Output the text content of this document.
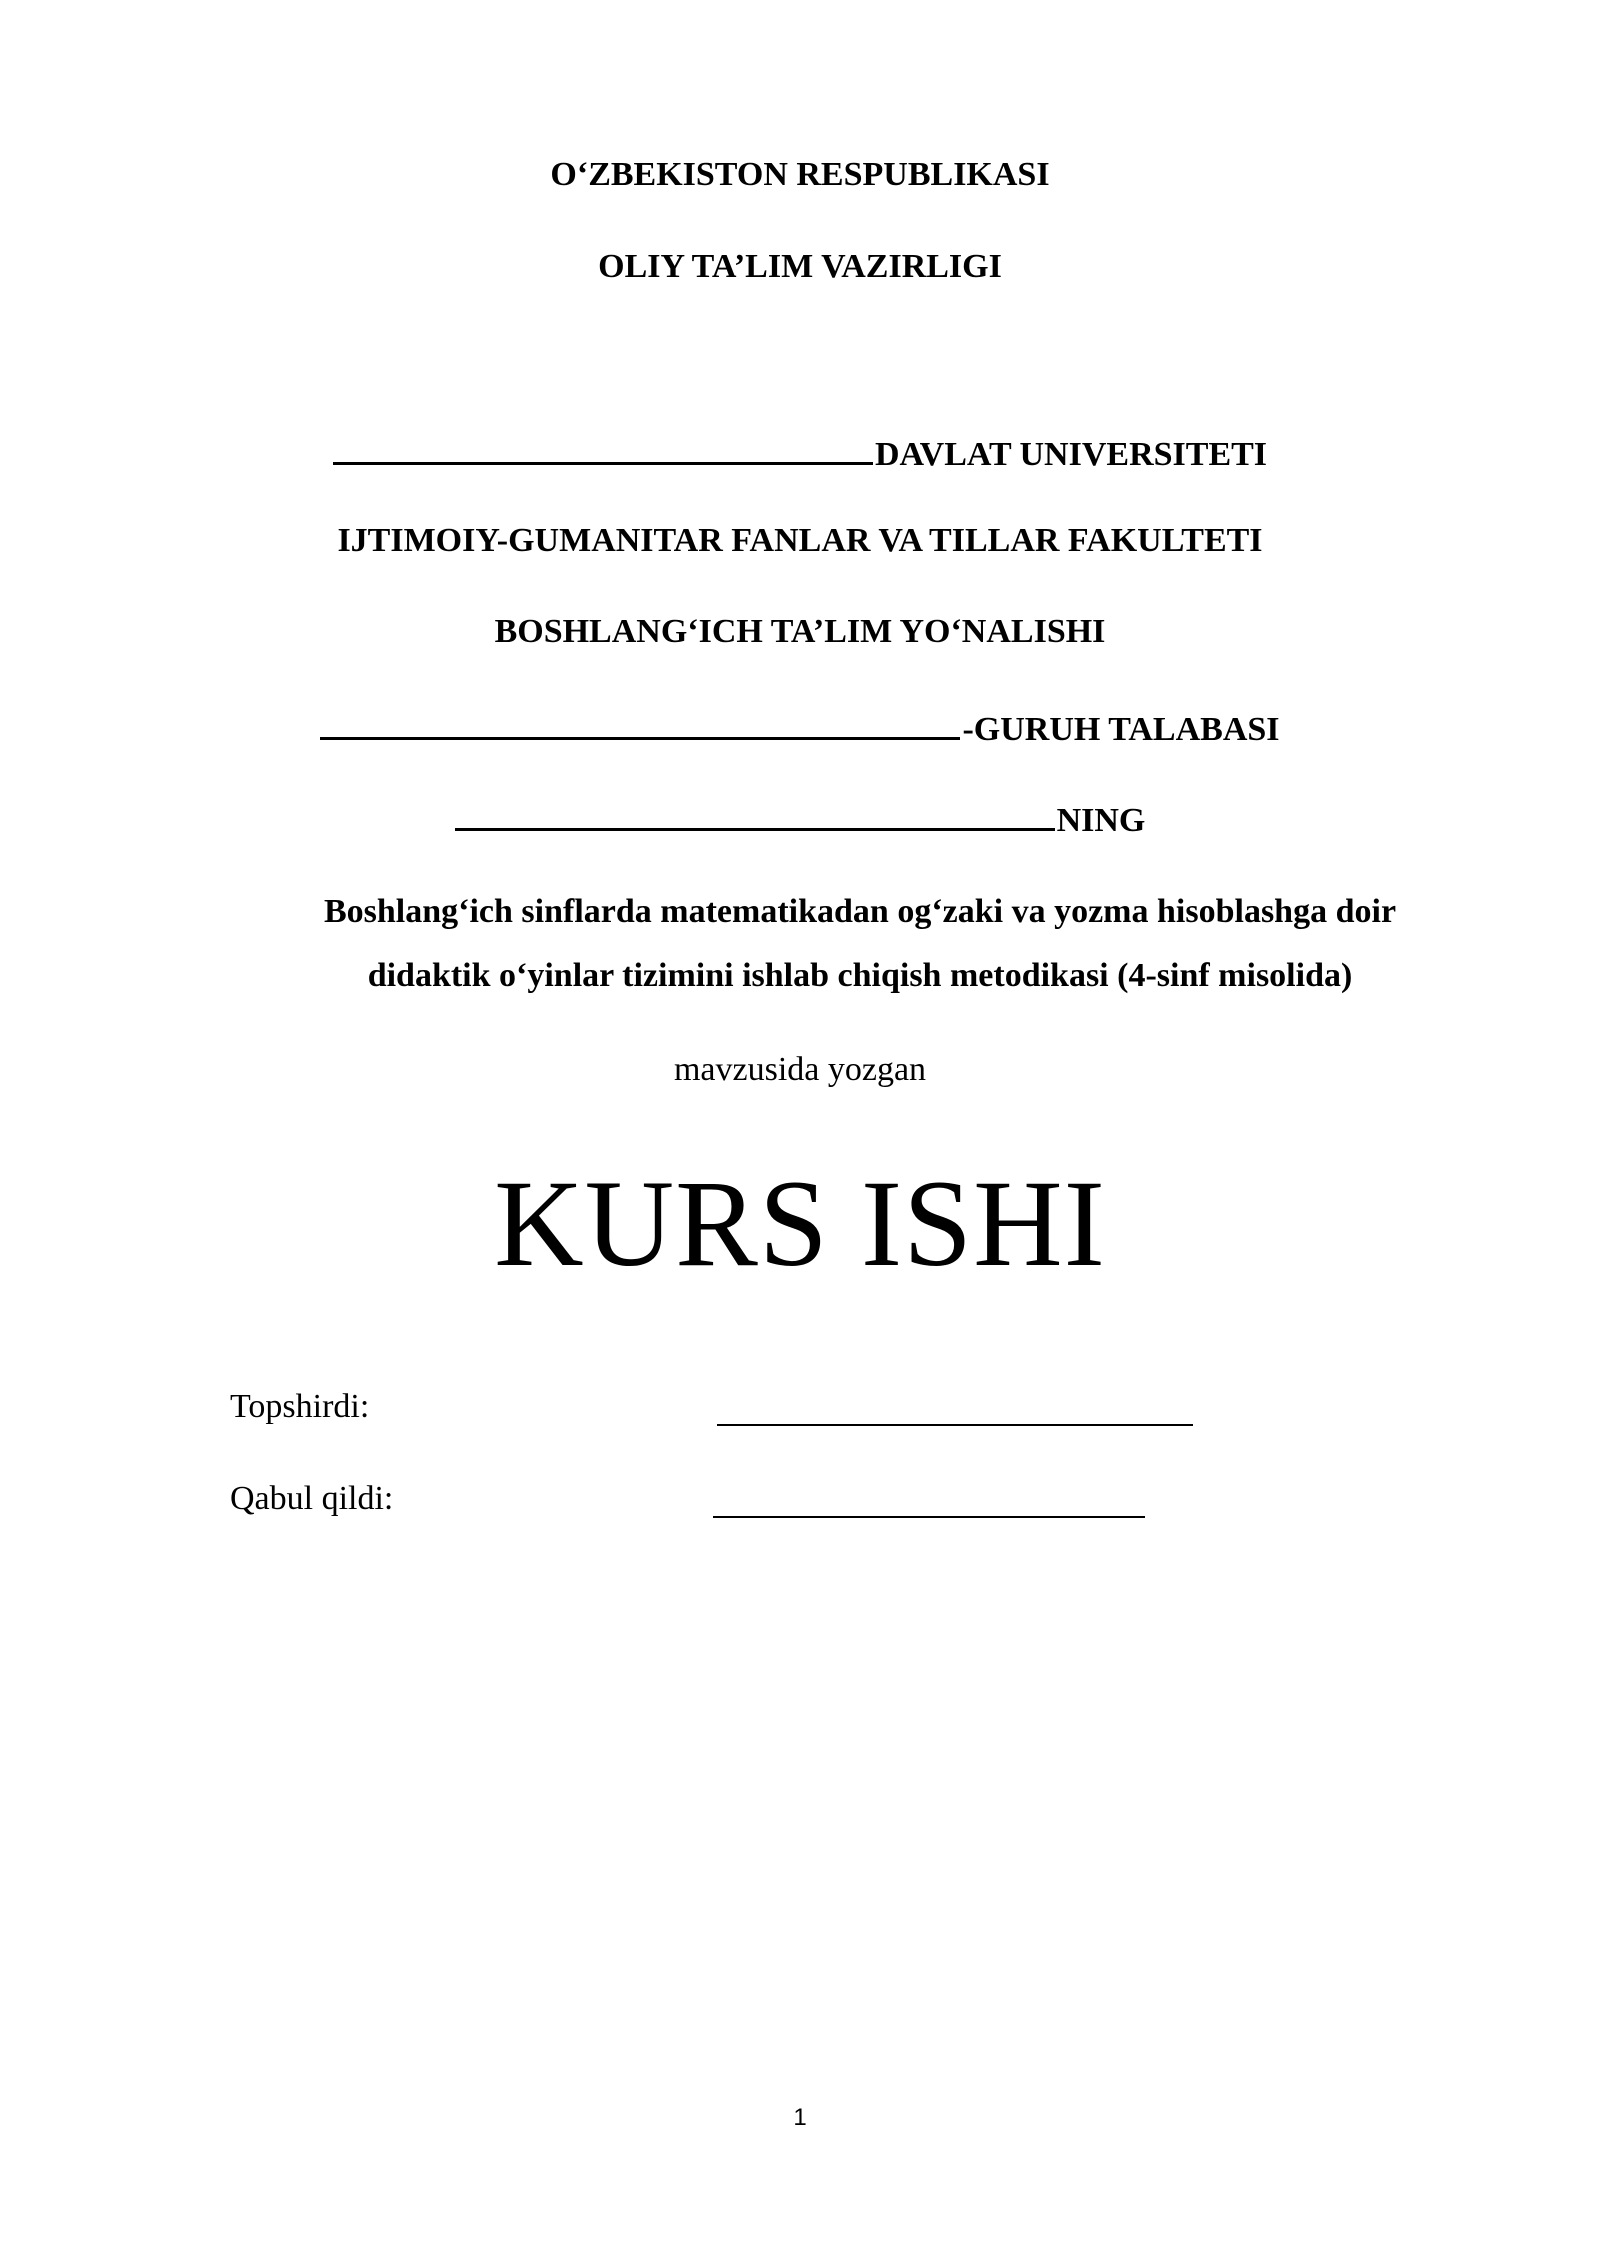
O‘ZBEKISTON RESPUBLIKASI
OLIY TA’LIM VAZIRLIGI
DAVLAT UNIVERSITETI
IJTIMOIY-GUMANITAR FANLAR VA TILLAR FAKULTETI
BOSHLANG‘ICH TA’LIM YO‘NALISHI
-GURUH TALABASI
NING
Boshlang‘ich sinflarda matematikadan og‘zaki va yozma hisoblashga doir
didaktik o‘yinlar tizimini ishlab chiqish metodikasi (4-sinf misolida)
mavzusida yozgan
KURS ISHI
Topshirdi:
Qabul qildi:
1
